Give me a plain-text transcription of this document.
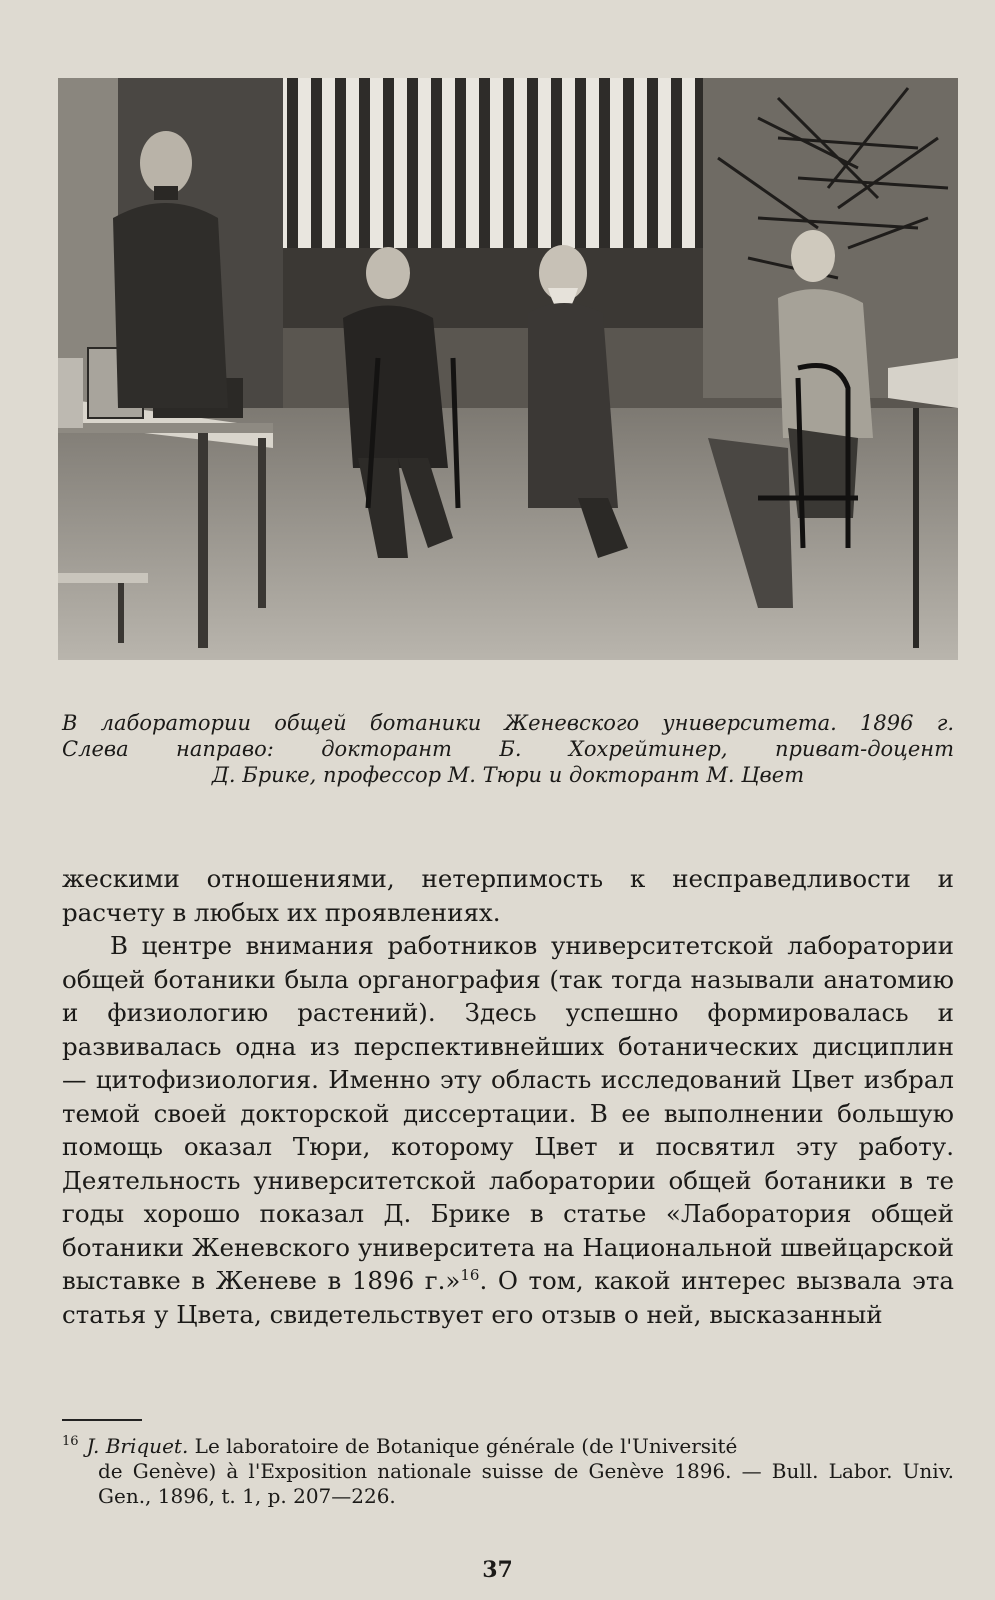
В лаборатории общей ботаники Женевского университета. 1896 г.
Слева направо: докторант Б. Хохрейтинер, приват-доцент
Д. Брике, профессор М. Тюри и докторант М. Цвет

жескими отношениями, нетерпимость к несправедливости и расчету в любых их проявлениях.

В центре внимания работников университетской лаборатории общей ботаники была органография (так тогда называли анатомию и физиологию растений). Здесь успешно формировалась и развивалась одна из перспективнейших ботанических дисциплин — цитофизиология. Именно эту область исследований Цвет избрал темой своей докторской диссертации. В ее выполнении большую помощь оказал Тюри, которому Цвет и посвятил эту работу. Деятельность университетской лаборатории общей ботаники в те годы хорошо показал Д. Брике в статье «Лаборатория общей ботаники Женевского университета на Национальной швейцарской выставке в Женеве в 1896 г.»$^{16}$. О том, какой интерес вызвала эта статья у Цвета, свидетельствует его отзыв о ней, высказанный

$^{16}$ J. Briquet. Le laboratoire de Botanique générale (de l'Université
de Genève) à l'Exposition nationale suisse de Genève 1896. — Bull. Labor. Univ. Gen., 1896, t. 1, p. 207—226.
37
